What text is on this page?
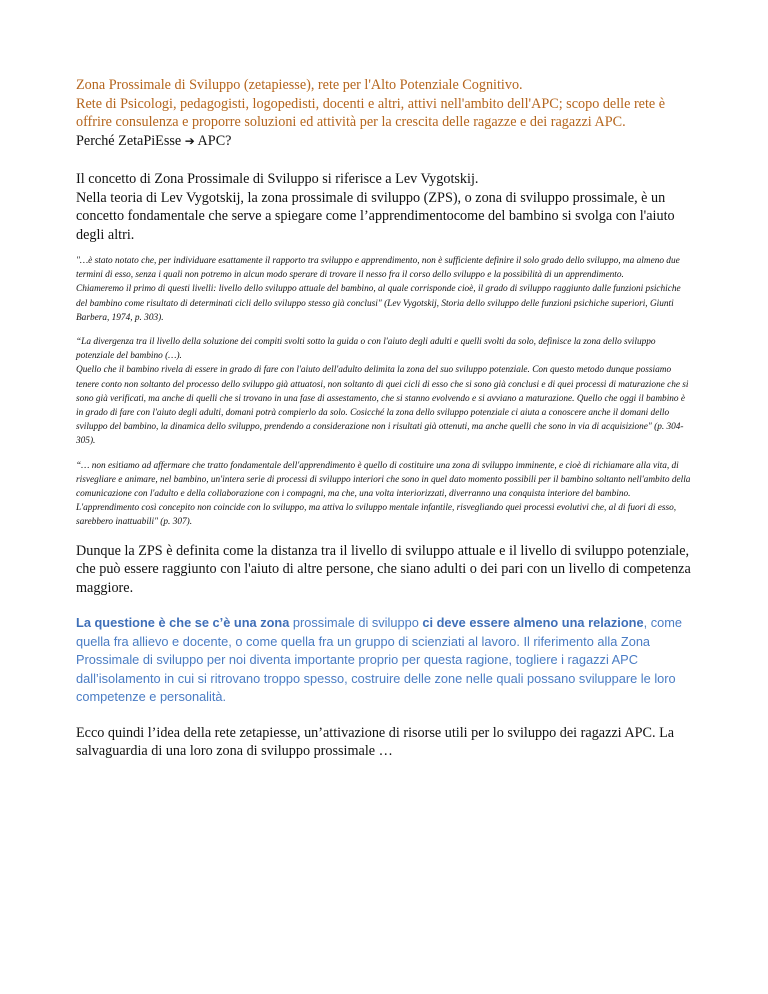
Zona Prossimale di Sviluppo (zetapiesse), rete per l'Alto Potenziale Cognitivo.

Rete di Psicologi, pedagogisti, logopedisti, docenti e altri, attivi nell'ambito dell'APC; scopo delle rete è offrire consulenza e proporre soluzioni ed attività per la crescita delle ragazze e dei ragazzi APC.

Perché ZetaPiEsse ➔ APC?

Il concetto di Zona Prossimale di Sviluppo si riferisce a Lev Vygotskij.

Nella teoria di Lev Vygotskij, la zona prossimale di sviluppo (ZPS), o zona di sviluppo prossimale, è un concetto fondamentale che serve a spiegare come l’apprendimentocome del bambino si svolga con l'aiuto degli altri.

"…è stato notato che, per individuare esattamente il rapporto tra sviluppo e apprendimento, non è sufficiente definire il solo grado dello sviluppo, ma almeno due termini di esso, senza i quali non potremo in alcun modo sperare di trovare il nesso fra il corso dello sviluppo e la possibilità di un apprendimento.

Chiameremo il primo di questi livelli: livello dello sviluppo attuale del bambino, al quale corrisponde cioè, il grado di sviluppo raggiunto dalle funzioni psichiche del bambino come risultato di determinati cicli dello sviluppo stesso già conclusi" (Lev Vygotskij, Storia dello sviluppo delle funzioni psichiche superiori, Giunti Barbera, 1974, p. 303).

“La divergenza tra il livello della soluzione dei compiti svolti sotto la guida o con l'aiuto degli adulti e quelli svolti da solo, definisce la zona dello sviluppo potenziale del bambino (…).

Quello che il bambino rivela di essere in grado di fare con l'aiuto dell'adulto delimita la zona del suo sviluppo potenziale. Con questo metodo dunque possiamo tenere conto non soltanto del processo dello sviluppo già attuatosi, non soltanto di quei cicli di esso che si sono già conclusi e di quei processi di maturazione che si sono già verificati, ma anche di quelli che si trovano in una fase di assestamento, che si stanno evolvendo e si avviano a maturazione. Quello che oggi il bambino è in grado di fare con l'aiuto degli adulti, domani potrà compierlo da solo. Cosicché la zona dello sviluppo potenziale ci aiuta a conoscere anche il domani dello sviluppo del bambino, la dinamica dello sviluppo, prendendo a considerazione non i risultati già ottenuti, ma anche quelli che sono in via di acquisizione" (p. 304-305).

“… non esitiamo ad affermare che tratto fondamentale dell'apprendimento è quello di costituire una zona di sviluppo imminente, e cioè di richiamare alla vita, di risvegliare e animare, nel bambino, un'intera serie di processi di sviluppo interiori che sono in quel dato momento possibili per il bambino soltanto nell'ambito della comunicazione con l'adulto e della collaborazione con i compagni, ma che, una volta interiorizzati, diverranno una conquista interiore del bambino. L'apprendimento così concepito non coincide con lo sviluppo, ma attiva lo sviluppo mentale infantile, risvegliando quei processi evolutivi che, al di fuori di esso, sarebbero inattuabili" (p. 307).

Dunque la ZPS è definita come la distanza tra il livello di sviluppo attuale e il livello di sviluppo potenziale, che può essere raggiunto con l'aiuto di altre persone, che siano adulti o dei pari con un livello di competenza maggiore.

La questione è che se c’è una zona prossimale di sviluppo ci deve essere almeno una relazione, come quella fra allievo e docente, o come quella fra un gruppo di scienziati al lavoro. Il riferimento alla Zona Prossimale di sviluppo per noi diventa importante proprio per questa ragione, togliere i ragazzi APC dall’isolamento in cui si ritrovano troppo spesso, costruire delle zone nelle quali possano sviluppare le loro competenze e personalità.

Ecco quindi l’idea della rete zetapiesse, un’attivazione di risorse utili per lo sviluppo dei ragazzi APC. La salvaguardia di una loro zona di sviluppo prossimale …
